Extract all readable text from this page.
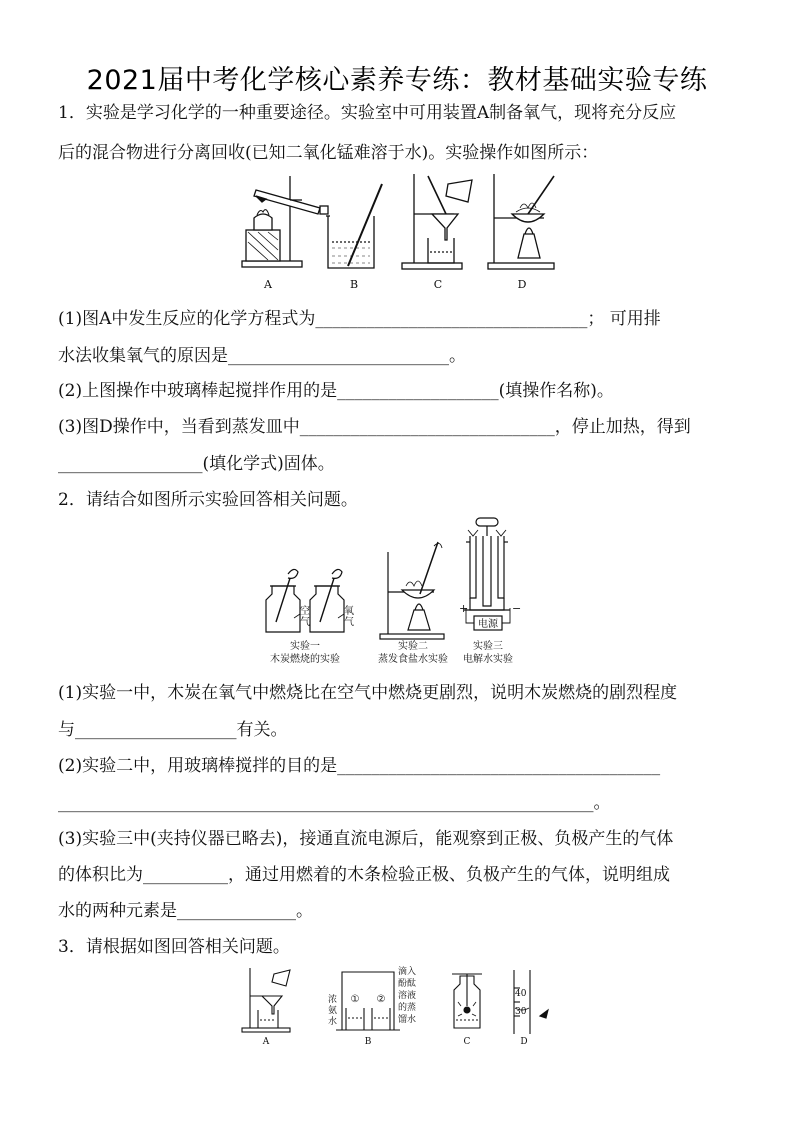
2021届中考化学核心素养专练：教材基础实验专练
1．实验是学习化学的一种重要途径。实验室中可用装置A制备氧气，现将充分反应
后的混合物进行分离回收(已知二氧化锰难溶于水)。实验操作如图所示：
A	B	C	D
(1)图A中发生反应的化学方程式为________________________________； 可用排
水法收集氧气的原因是__________________________。
(2)上图操作中玻璃棒起搅拌作用的是___________________(填操作名称)。
(3)图D操作中，当看到蒸发皿中______________________________，停止加热，得到
_________________(填化学式)固体。
2．请结合如图所示实验回答相关问题。
空
气
氧
气	电源
+	−
实验一
木炭燃烧的实验
实验二
蒸发食盐水实验
实验三
电解水实验
(1)实验一中，木炭在氧气中燃烧比在空气中燃烧更剧烈，说明木炭燃烧的剧烈程度
与___________________有关。
(2)实验二中，用玻璃棒搅拌的目的是______________________________________
_______________________________________________________________。
(3)实验三中(夹持仪器已略去)，接通直流电源后，能观察到正极、负极产生的气体
的体积比为__________，通过用燃着的木条检验正极、负极产生的气体，说明组成
水的两种元素是______________。
3．请根据如图回答相关问题。
A
① ②
浓
氨
水
滴入
酚酞
溶液
的蒸
馏水
B	C
40
30
D
